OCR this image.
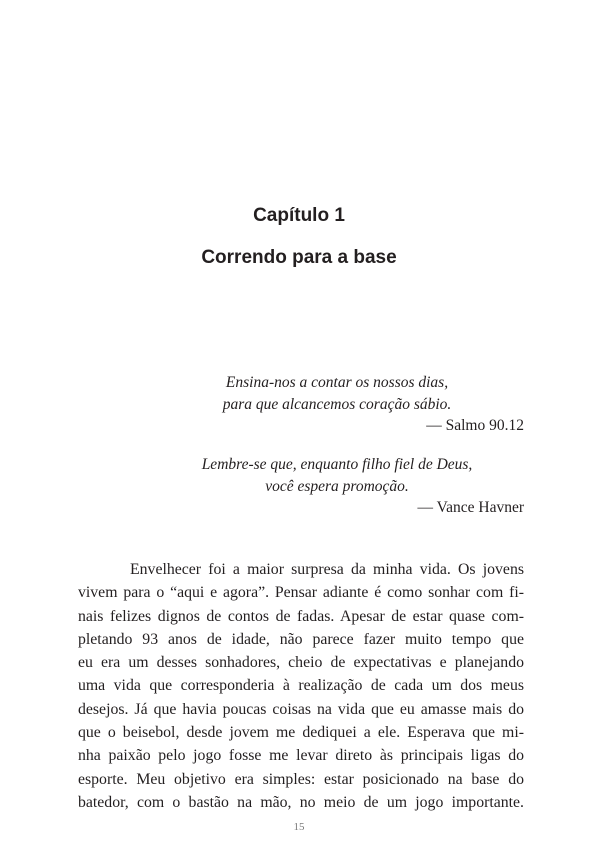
Capítulo 1
Correndo para a base
Ensina-nos a contar os nossos dias,
para que alcancemos coração sábio.
— Salmo 90.12
Lembre-se que, enquanto filho fiel de Deus,
você espera promoção.
— Vance Havner
Envelhecer foi a maior surpresa da minha vida. Os jovens
vivem para o “aqui e agora”. Pensar adiante é como sonhar com fi-
nais felizes dignos de contos de fadas. Apesar de estar quase com-
pletando 93 anos de idade, não parece fazer muito tempo que
eu era um desses sonhadores, cheio de expectativas e planejando
uma vida que corresponderia à realização de cada um dos meus
desejos. Já que havia poucas coisas na vida que eu amasse mais do
que o beisebol, desde jovem me dediquei a ele. Esperava que mi-
nha paixão pelo jogo fosse me levar direto às principais ligas do
esporte. Meu objetivo era simples: estar posicionado na base do
batedor, com o bastão na mão, no meio de um jogo importante.
15
